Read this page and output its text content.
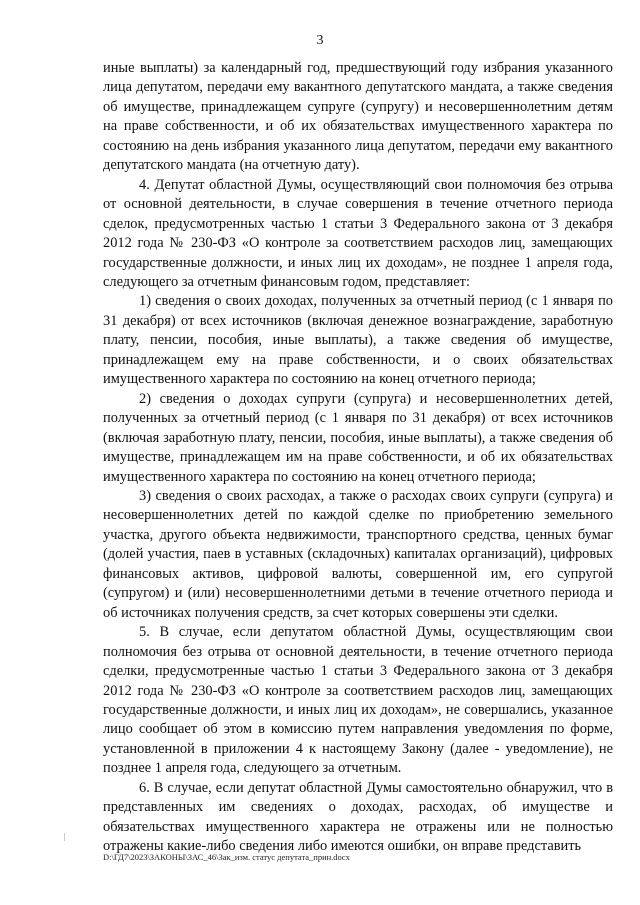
3

иные выплаты) за календарный год, предшествующий году избрания указанного лица депутатом, передачи ему вакантного депутатского мандата, а также сведения об имуществе, принадлежащем супруге (супругу) и несовершеннолетним детям на праве собственности, и об их обязательствах имущественного характера по состоянию на день избрания указанного лица депутатом, передачи ему вакантного депутатского мандата (на отчетную дату).

4. Депутат областной Думы, осуществляющий свои полномочия без отрыва от основной деятельности, в случае совершения в течение отчетного периода сделок, предусмотренных частью 1 статьи 3 Федерального закона от 3 декабря 2012 года № 230-ФЗ «О контроле за соответствием расходов лиц, замещающих государственные должности, и иных лиц их доходам», не позднее 1 апреля года, следующего за отчетным финансовым годом, представляет:

1) сведения о своих доходах, полученных за отчетный период (с 1 января по 31 декабря) от всех источников (включая денежное вознаграждение, заработную плату, пенсии, пособия, иные выплаты), а также сведения об имуществе, принадлежащем ему на праве собственности, и о своих обязательствах имущественного характера по состоянию на конец отчетного периода;

2) сведения о доходах супруги (супруга) и несовершеннолетних детей, полученных за отчетный период (с 1 января по 31 декабря) от всех источников (включая заработную плату, пенсии, пособия, иные выплаты), а также сведения об имуществе, принадлежащем им на праве собственности, и об их обязательствах имущественного характера по состоянию на конец отчетного периода;

3) сведения о своих расходах, а также о расходах своих супруги (супруга) и несовершеннолетних детей по каждой сделке по приобретению земельного участка, другого объекта недвижимости, транспортного средства, ценных бумаг (долей участия, паев в уставных (складочных) капиталах организаций), цифровых финансовых активов, цифровой валюты, совершенной им, его супругой (супругом) и (или) несовершеннолетними детьми в течение отчетного периода и об источниках получения средств, за счет которых совершены эти сделки.

5. В случае, если депутатом областной Думы, осуществляющим свои полномочия без отрыва от основной деятельности, в течение отчетного периода сделки, предусмотренные частью 1 статьи 3 Федерального закона от 3 декабря 2012 года № 230-ФЗ «О контроле за соответствием расходов лиц, замещающих государственные должности, и иных лиц их доходам», не совершались, указанное лицо сообщает об этом в комиссию путем направления уведомления по форме, установленной в приложении 4 к настоящему Закону (далее - уведомление), не позднее 1 апреля года, следующего за отчетным.

6. В случае, если депутат областной Думы самостоятельно обнаружил, что в представленных им сведениях о доходах, расходах, об имуществе и обязательствах имущественного характера не отражены или не полностью отражены какие-либо сведения либо имеются ошибки, он вправе представить

D:\ГД7\2023\ЗАКОНЫ\ЗАС_46\Зак_изм. статус депутата_прин.docx
